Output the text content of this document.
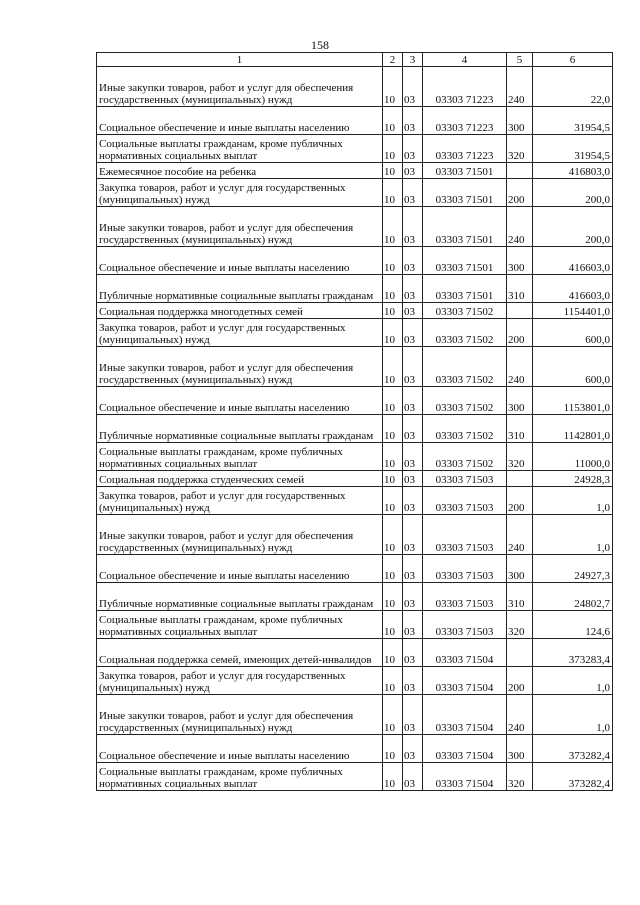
158
1	2	3	4	5	6
Иные закупки товаров, работ и услуг для обеспечения государственных (муниципальных) нужд	10	03	03303 71223	240	22,0
Социальное обеспечение и иные выплаты населению	10	03	03303 71223	300	31954,5
Социальные выплаты гражданам, кроме публичных нормативных социальных выплат	10	03	03303 71223	320	31954,5
Ежемесячное пособие на ребенка	10	03	03303 71501		416803,0
Закупка товаров, работ и услуг для государственных (муниципальных) нужд	10	03	03303 71501	200	200,0
Иные закупки товаров, работ и услуг для обеспечения государственных (муниципальных) нужд	10	03	03303 71501	240	200,0
Социальное обеспечение и иные выплаты населению	10	03	03303 71501	300	416603,0
Публичные нормативные социальные выплаты гражданам	10	03	03303 71501	310	416603,0
Социальная поддержка многодетных семей	10	03	03303 71502		1154401,0
Закупка товаров, работ и услуг для государственных (муниципальных) нужд	10	03	03303 71502	200	600,0
Иные закупки товаров, работ и услуг для обеспечения государственных (муниципальных) нужд	10	03	03303 71502	240	600,0
Социальное обеспечение и иные выплаты населению	10	03	03303 71502	300	1153801,0
Публичные нормативные социальные выплаты гражданам	10	03	03303 71502	310	1142801,0
Социальные выплаты гражданам, кроме публичных нормативных социальных выплат	10	03	03303 71502	320	11000,0
Социальная поддержка студенческих семей	10	03	03303 71503		24928,3
Закупка товаров, работ и услуг для государственных (муниципальных) нужд	10	03	03303 71503	200	1,0
Иные закупки товаров, работ и услуг для обеспечения государственных (муниципальных) нужд	10	03	03303 71503	240	1,0
Социальное обеспечение и иные выплаты населению	10	03	03303 71503	300	24927,3
Публичные нормативные социальные выплаты гражданам	10	03	03303 71503	310	24802,7
Социальные выплаты гражданам, кроме публичных нормативных социальных выплат	10	03	03303 71503	320	124,6
Социальная поддержка семей, имеющих детей-инвалидов	10	03	03303 71504		373283,4
Закупка товаров, работ и услуг для государственных (муниципальных) нужд	10	03	03303 71504	200	1,0
Иные закупки товаров, работ и услуг для обеспечения государственных (муниципальных) нужд	10	03	03303 71504	240	1,0
Социальное обеспечение и иные выплаты населению	10	03	03303 71504	300	373282,4
Социальные выплаты гражданам, кроме публичных нормативных социальных выплат	10	03	03303 71504	320	373282,4
